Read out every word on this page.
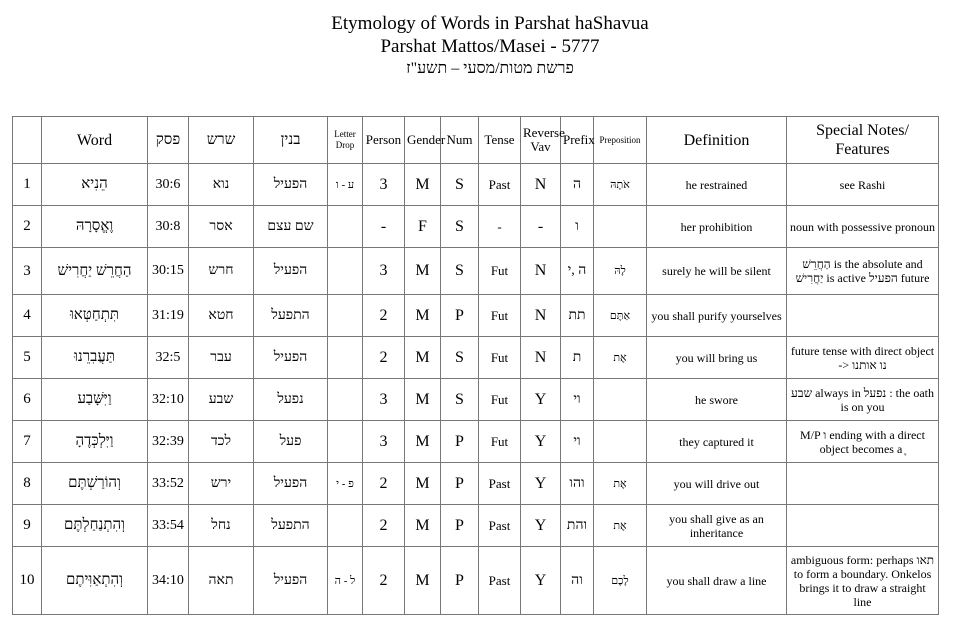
Etymology of Words in Parshat haShavua
Parshat Mattos/Masei - 5777
פרשת מטות/מסעי – תשע"ז
	Word	פסק	שרש	בנין	Letter Drop	Person	Gender	Num	Tense	Reverse Vav	Prefix	Preposition	Definition	Special Notes/ Features
1	הֵנִיא	30:6	נוא	הפעיל	ע - ו	3	M	S	Past	N	ה	אֹתָהּ	he restrained	see Rashi
2	וֶאֱסָרָהּ	30:8	אסר	שם עצם		-	F	S	-	-	ו		her prohibition	noun with possessive pronoun
3	הַחֲרֵשׁ יַחֲרִישׁ	30:15	חרש	הפעיל		3	M	S	Fut	N	ה ,י	לָהּ	surely he will be silent	הַחֲרֵשׁ is the absolute and יַחֲרִישׁ is active הפעיל future
4	תִּתְחַטְּאוּ	31:19	חטא	התפעל		2	M	P	Fut	N	תת	אַתֶּם	you shall purify yourselves	
5	תַּעֲבִרֵנוּ	32:5	עבר	הפעיל		2	M	S	Fut	N	ת	אֶת	you will bring us	future tense with direct object -> נו אותנו
6	וַיִּשָּׁבַע	32:10	שבע	נפעל		3	M	S	Fut	Y	וי		he swore	שבע always in נפעל : the oath is on you
7	וַיִּלְכְּדֶהָ	32:39	לכד	פעל		3	M	P	Fut	Y	וי		they captured it	M/P ו ending with a direct object becomes a ֶ
8	וְהוֹרַשְׁתֶּם	33:52	ירש	הפעיל	פ - י	2	M	P	Past	Y	והו	אֶת	you will drive out	
9	וְהִתְנַחַלְתֶּם	33:54	נחל	התפעל		2	M	P	Past	Y	והת	אֶת	you shall give as an inheritance	
10	וְהִתְאַוִּיתֶם	34:10	תאה	הפעיל	ל - ה	2	M	P	Past	Y	וה	לָכֶם	you shall draw a line	ambiguous form: perhaps תאו to form a boundary. Onkelos brings it to draw a straight line
